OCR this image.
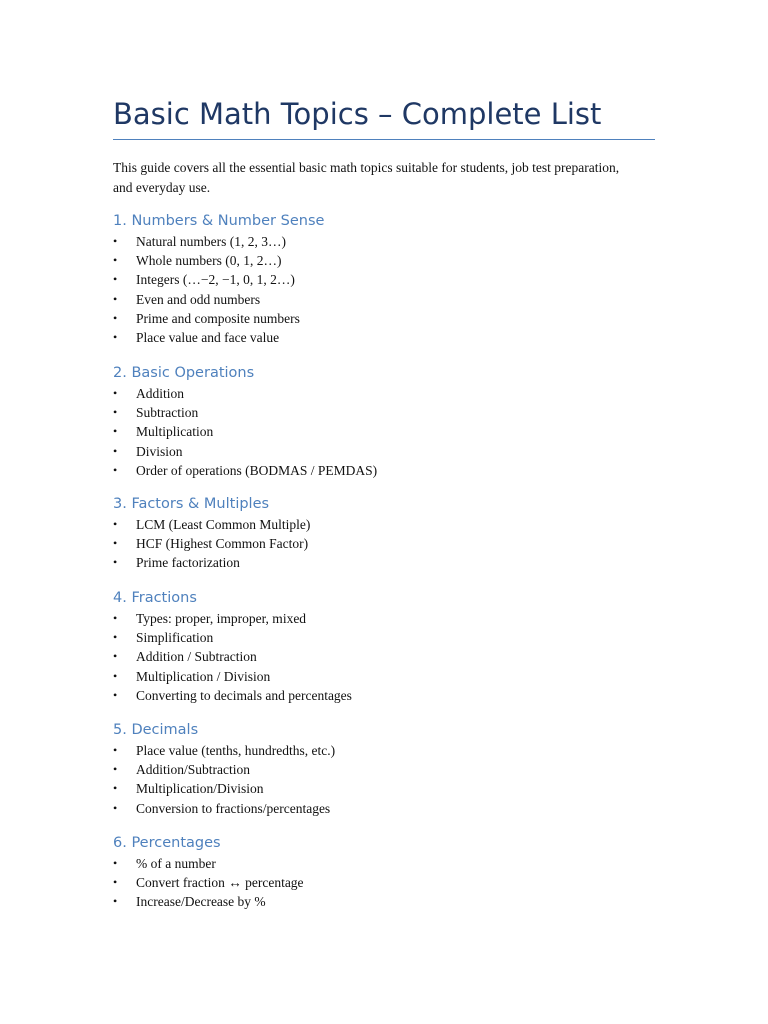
Basic Math Topics – Complete List

This guide covers all the essential basic math topics suitable for students, job test preparation, and everyday use.

1. Numbers & Number Sense
• Natural numbers (1, 2, 3…)
• Whole numbers (0, 1, 2…)
• Integers (…−2, −1, 0, 1, 2…)
• Even and odd numbers
• Prime and composite numbers
• Place value and face value
2. Basic Operations
• Addition
• Subtraction
• Multiplication
• Division
• Order of operations (BODMAS / PEMDAS)
3. Factors & Multiples
• LCM (Least Common Multiple)
• HCF (Highest Common Factor)
• Prime factorization
4. Fractions
• Types: proper, improper, mixed
• Simplification
• Addition / Subtraction
• Multiplication / Division
• Converting to decimals and percentages
5. Decimals
• Place value (tenths, hundredths, etc.)
• Addition/Subtraction
• Multiplication/Division
• Conversion to fractions/percentages
6. Percentages
• % of a number
• Convert fraction ↔ percentage
• Increase/Decrease by %
